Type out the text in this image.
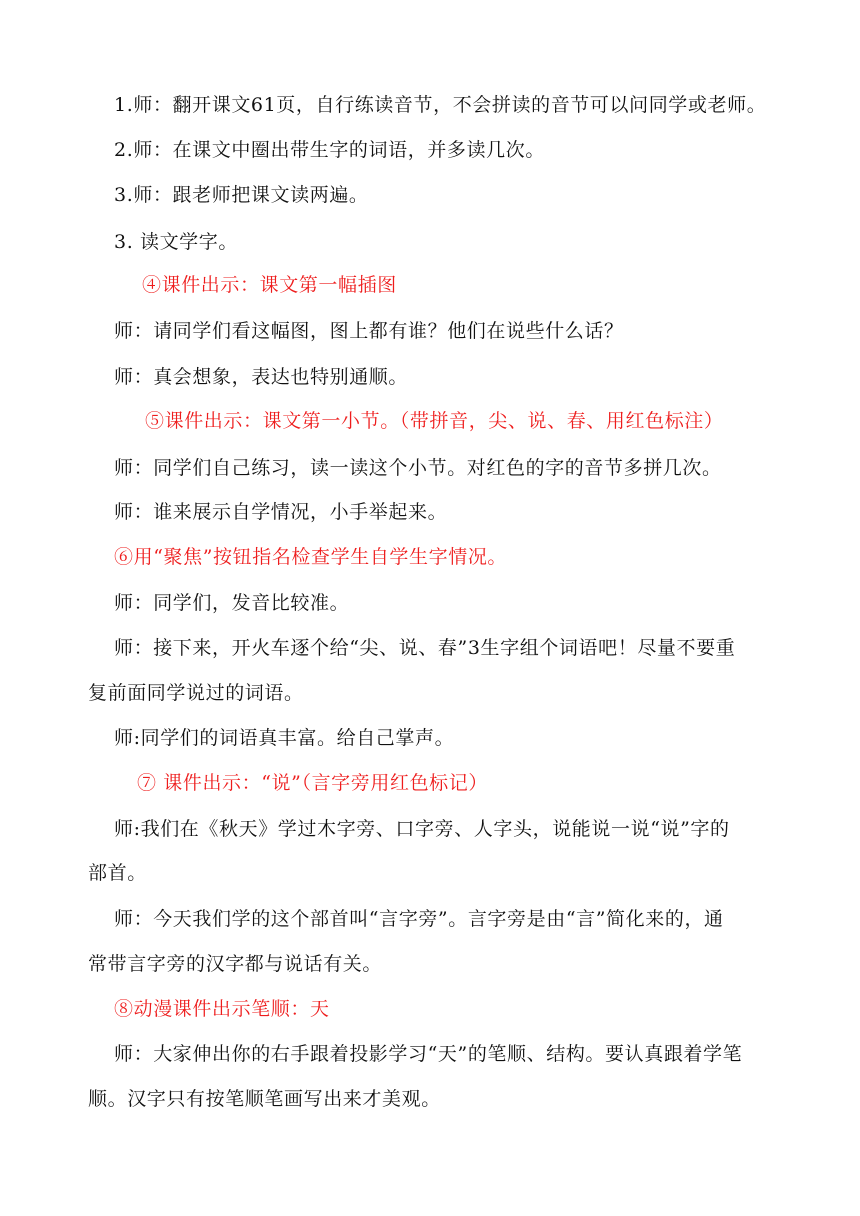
1.师：翻开课文61页，自行练读音节，不会拼读的音节可以问同学或老师。
2.师：在课文中圈出带生字的词语，并多读几次。
3.师：跟老师把课文读两遍。
3. 读文学字。
④课件出示：课文第一幅插图
师：请同学们看这幅图，图上都有谁？他们在说些什么话？
师：真会想象，表达也特别通顺。
⑤课件出示：课文第一小节。（带拼音，尖、说、春、用红色标注）
师：同学们自己练习，读一读这个小节。对红色的字的音节多拼几次。
师：谁来展示自学情况，小手举起来。
⑥用“聚焦”按钮指名检查学生自学生字情况。
师：同学们，发音比较准。
师：接下来，开火车逐个给“尖、说、春”3生字组个词语吧！尽量不要重
复前面同学说过的词语。
师:同学们的词语真丰富。给自己掌声。
⑦ 课件出示：“说”（言字旁用红色标记）
师:我们在《秋天》学过木字旁、口字旁、人字头，说能说一说“说”字的
部首。
师：今天我们学的这个部首叫“言字旁”。言字旁是由“言”简化来的，通
常带言字旁的汉字都与说话有关。
⑧动漫课件出示笔顺：天
师：大家伸出你的右手跟着投影学习“天”的笔顺、结构。要认真跟着学笔
顺。汉字只有按笔顺笔画写出来才美观。
